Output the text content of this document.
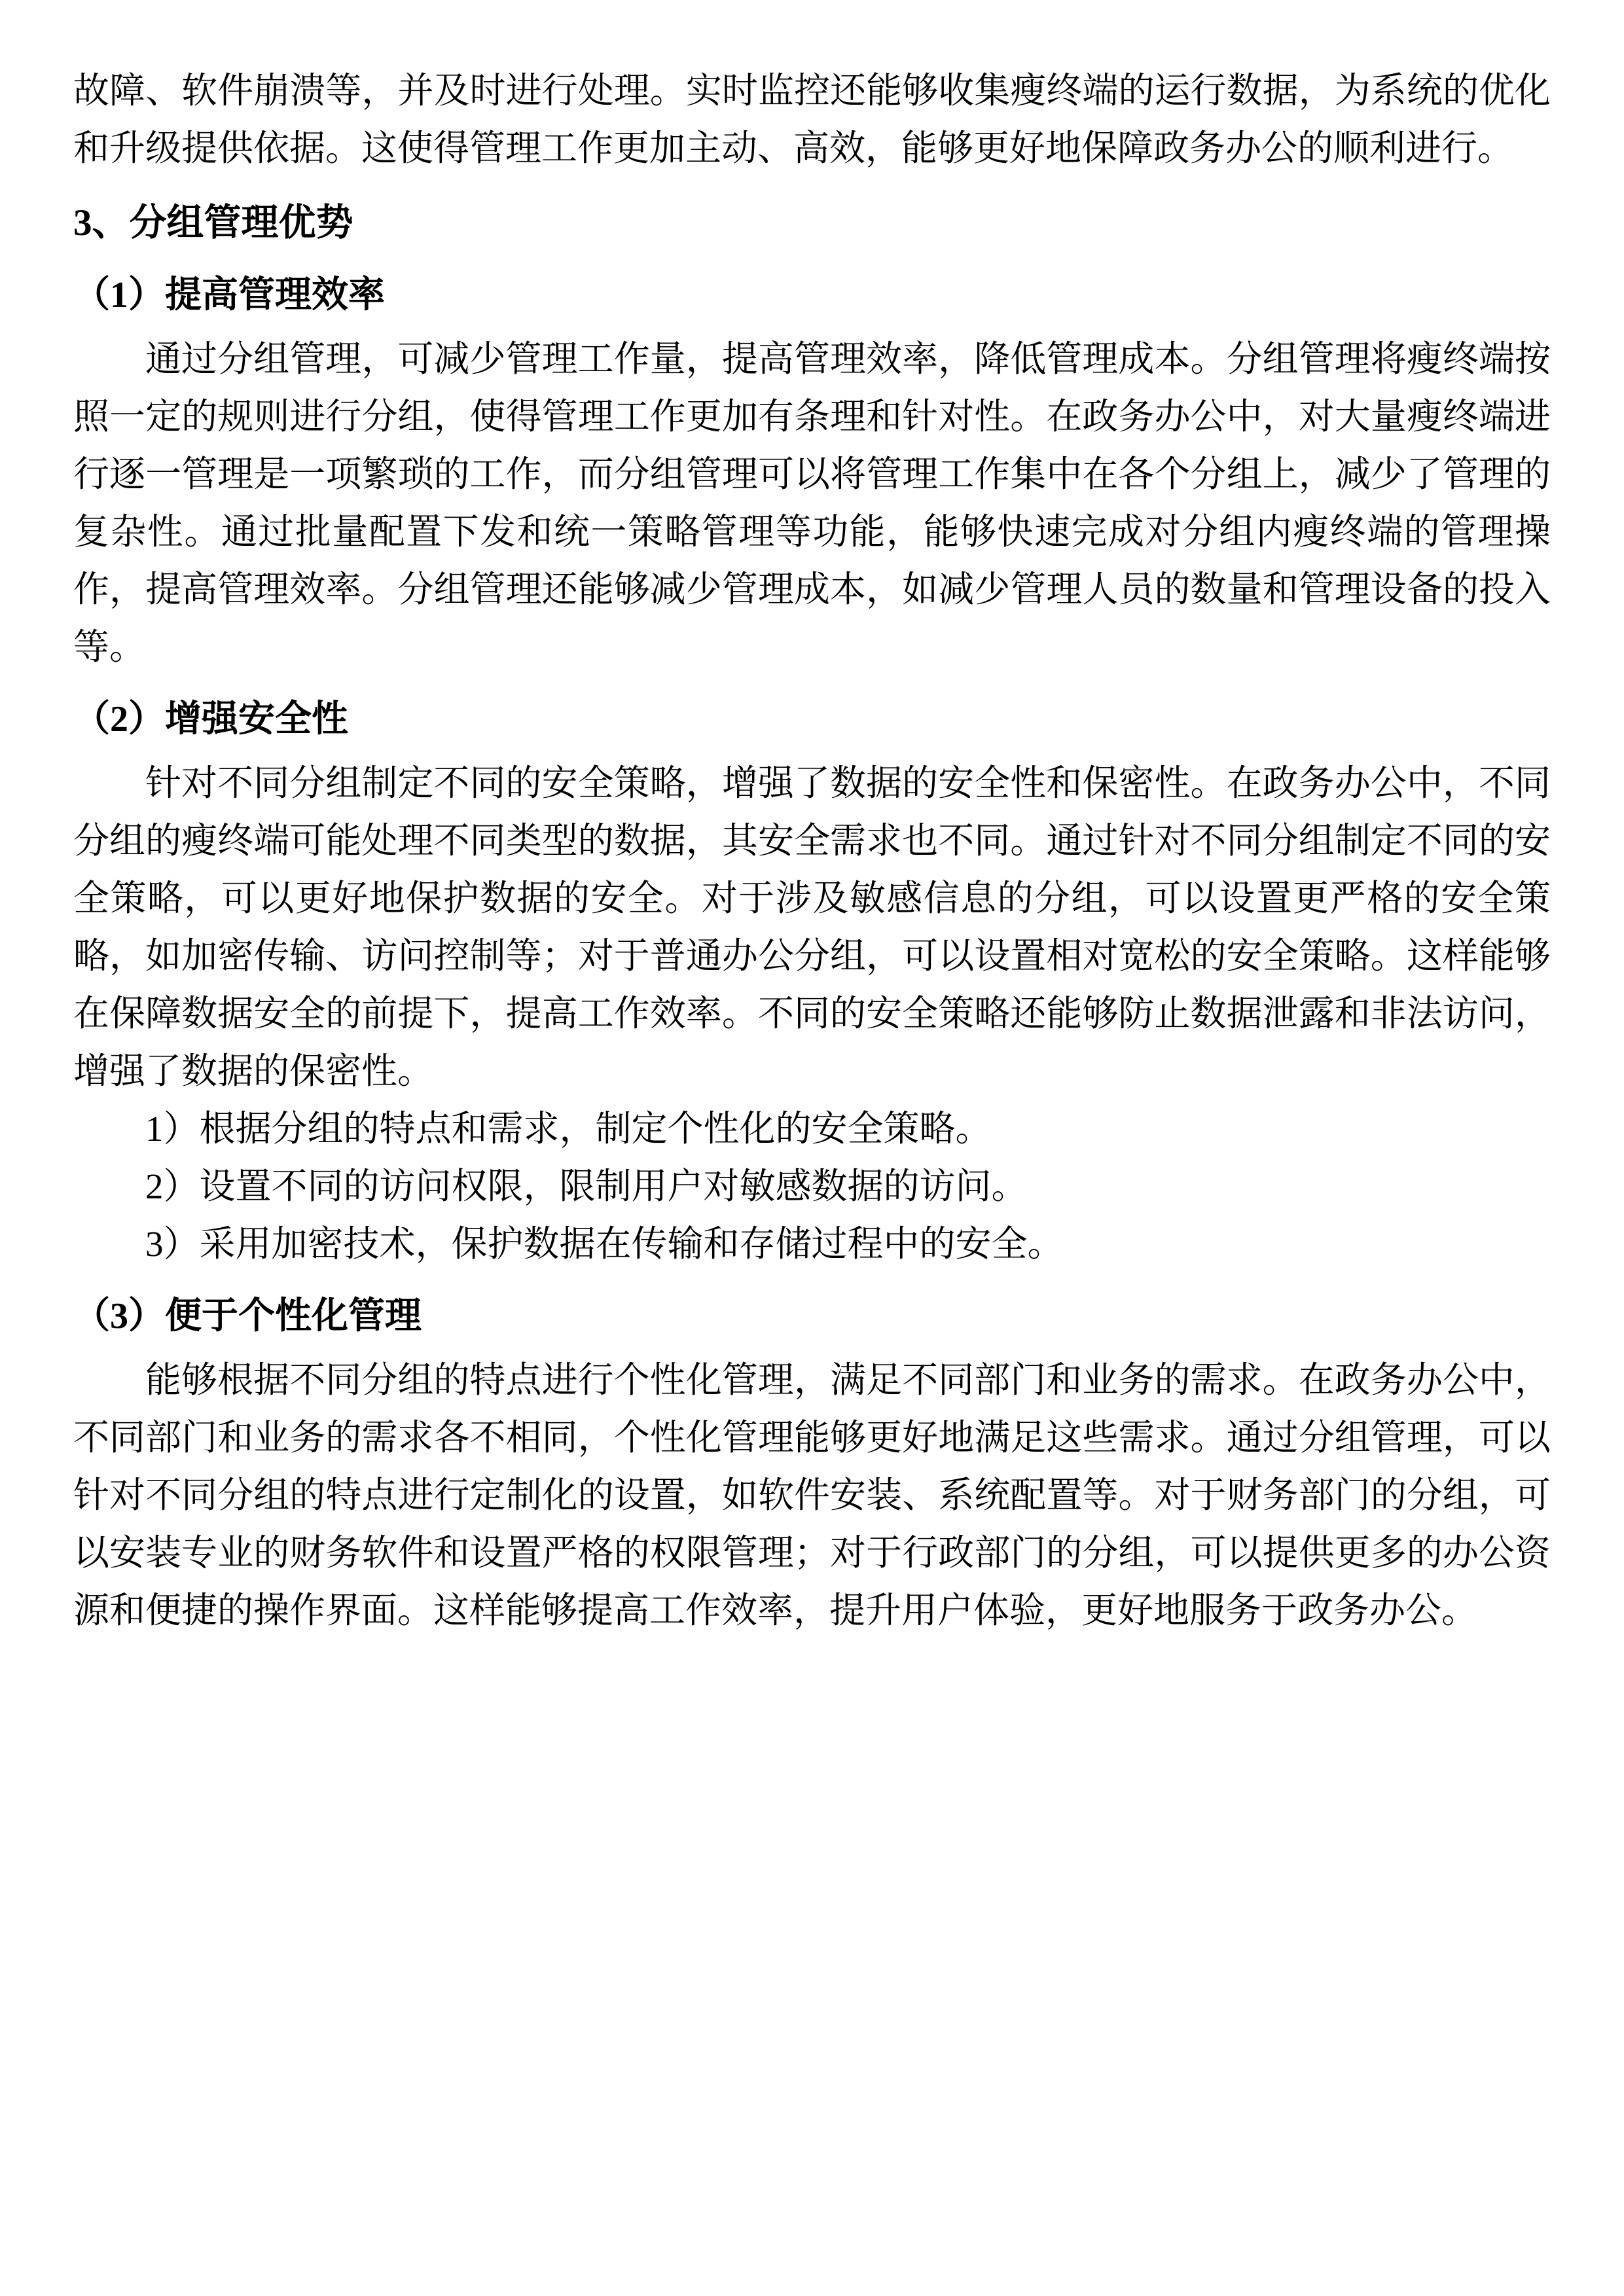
故障、软件崩溃等，并及时进行处理。实时监控还能够收集瘦终端的运行数据，为系统的优化和升级提供依据。这使得管理工作更加主动、高效，能够更好地保障政务办公的顺利进行。

3、分组管理优势
（1）提高管理效率

通过分组管理，可减少管理工作量，提高管理效率，降低管理成本。分组管理将瘦终端按照一定的规则进行分组，使得管理工作更加有条理和针对性。在政务办公中，对大量瘦终端进行逐一管理是一项繁琐的工作，而分组管理可以将管理工作集中在各个分组上，减少了管理的复杂性。通过批量配置下发和统一策略管理等功能，能够快速完成对分组内瘦终端的管理操作，提高管理效率。分组管理还能够减少管理成本，如减少管理人员的数量和管理设备的投入等。

（2）增强安全性

针对不同分组制定不同的安全策略，增强了数据的安全性和保密性。在政务办公中，不同分组的瘦终端可能处理不同类型的数据，其安全需求也不同。通过针对不同分组制定不同的安全策略，可以更好地保护数据的安全。对于涉及敏感信息的分组，可以设置更严格的安全策略，如加密传输、访问控制等；对于普通办公分组，可以设置相对宽松的安全策略。这样能够在保障数据安全的前提下，提高工作效率。不同的安全策略还能够防止数据泄露和非法访问，增强了数据的保密性。

1）根据分组的特点和需求，制定个性化的安全策略。

2）设置不同的访问权限，限制用户对敏感数据的访问。

3）采用加密技术，保护数据在传输和存储过程中的安全。

（3）便于个性化管理

能够根据不同分组的特点进行个性化管理，满足不同部门和业务的需求。在政务办公中，不同部门和业务的需求各不相同，个性化管理能够更好地满足这些需求。通过分组管理，可以针对不同分组的特点进行定制化的设置，如软件安装、系统配置等。对于财务部门的分组，可以安装专业的财务软件和设置严格的权限管理；对于行政部门的分组，可以提供更多的办公资源和便捷的操作界面。这样能够提高工作效率，提升用户体验，更好地服务于政务办公。
